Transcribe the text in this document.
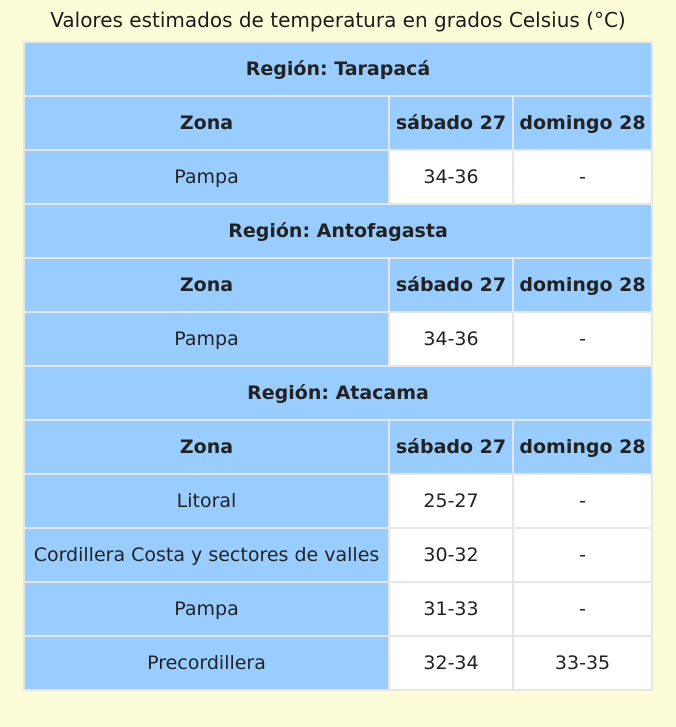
Valores estimados de temperatura en grados Celsius (°C)
Región: Tarapacá		
Zona	sábado 27	domingo 28
Pampa	34-36	-
Región: Antofagasta		
Zona	sábado 27	domingo 28
Pampa	34-36	-
Región: Atacama		
Zona	sábado 27	domingo 28
Litoral	25-27	-
Cordillera Costa y sectores de valles	30-32	-
Pampa	31-33	-
Precordillera	32-34	33-35
